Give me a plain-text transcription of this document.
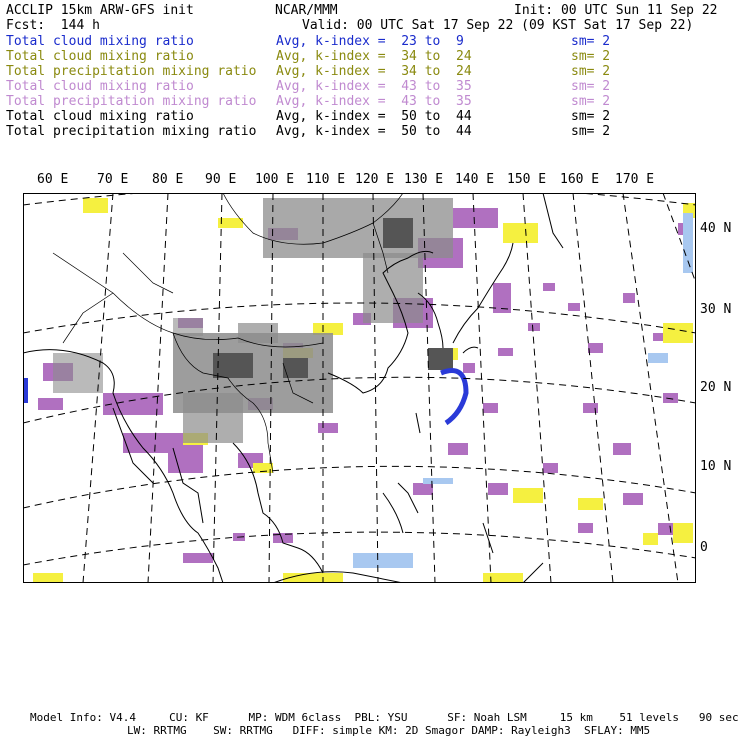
ACCLIP 15km ARW-GFS init	NCAR/MMM	Init: 00 UTC Sun 11 Sep 22
Fcst:  144 h	Valid: 00 UTC Sat 17 Sep 22 (09 KST Sat 17 Sep 22)
Total cloud mixing ratio	Avg, k-index =  23 to  9	sm= 2
Total cloud mixing ratio	Avg, k-index =  34 to  24	sm= 2
Total precipitation mixing ratio Avg, k-index =  34 to  24	sm= 2
Total cloud mixing ratio	Avg, k-index =  43 to  35	sm= 2
Total precipitation mixing ratio Avg, k-index =  43 to  35	sm= 2
Total cloud mixing ratio	Avg, k-index =  50 to  44	sm= 2
Total precipitation mixing ratio Avg, k-index =  50 to  44	sm= 2
60 E 70 E 80 E 90 E 100 E 110 E 120 E 130 E 140 E 150 E 160 E 170 E
40 N
30 N
20 N
10 N
0
Model Info: V4.4     CU: KF      MP: WDM 6class  PBL: YSU      SF: Noah LSM     15 km    51 levels   90 sec
LW: RRTMG    SW: RRTMG   DIFF: simple KM: 2D Smagor DAMP: Rayleigh3  SFLAY: MM5
